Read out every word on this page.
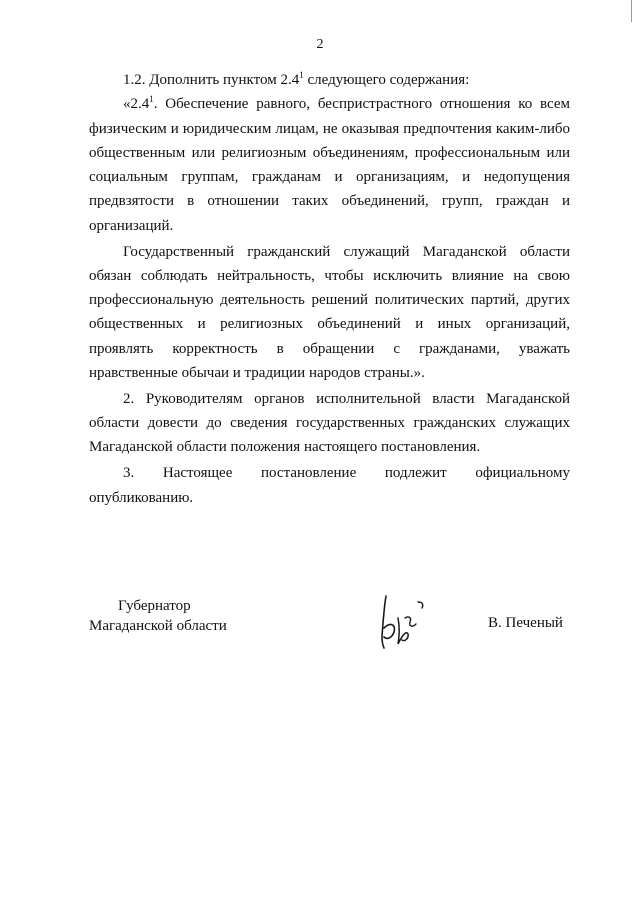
2

1.2. Дополнить пунктом $2.4^1$ следующего содержания:

«$2.4^1$. Обеспечение равного, беспристрастного отношения ко всем физическим и юридическим лицам, не оказывая предпочтения каким-либо общественным или религиозным объединениям, профессиональным или социальным группам, гражданам и организациям, и недопущения предвзятости в отношении таких объединений, групп, граждан и организаций.

Государственный гражданский служащий Магаданской области обязан соблюдать нейтральность, чтобы исключить влияние на свою профессиональную деятельность решений политических партий, других общественных и религиозных объединений и иных организаций, проявлять корректность в обращении с гражданами, уважать нравственные обычаи и традиции народов страны.».

2. Руководителям органов исполнительной власти Магаданской области довести до сведения государственных гражданских служащих Магаданской области положения настоящего постановления.

3. Настоящее постановление подлежит официальному опубликованию.

Губернатор
Магаданской области	В. Печеный
